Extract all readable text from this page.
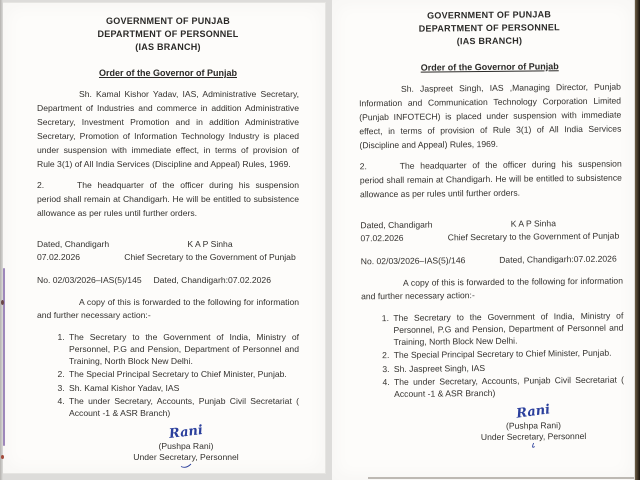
GOVERNMENT OF PUNJAB
DEPARTMENT OF PERSONNEL
(IAS BRANCH)
Order of the Governor of Punjab

Sh. Kamal Kishor Yadav, IAS, Administrative Secretary, Department of Industries and commerce in addition Administrative Secretary, Investment Promotion and in addition Administrative Secretary, Promotion of Information Technology Industry is placed under suspension with immediate effect, in terms of provision of Rule 3(1) of All India Services (Discipline and Appeal) Rules, 1969.

2.	The headquarter of the officer during his suspension period shall remain at Chandigarh. He will be entitled to subsistence allowance as per rules until further orders.

Dated, Chandigarh
07.02.2026
K A P Sinha
Chief Secretary to the Government of Punjab
No. 02/03/2026–IAS(5)/145 Dated, Chandigarh:07.02.2026

A copy of this is forwarded to the following for information and further necessary action:-

1. The Secretary to the Government of India, Ministry of Personnel, P.G and Pension, Department of Personnel and Training, North Block New Delhi.
2. The Special Principal Secretary to Chief Minister, Punjab.
3. Sh. Kamal Kishor Yadav, IAS
4. The under Secretary, Accounts, Punjab Civil Secretariat ( Account -1 & ASR Branch)
Rani
(Pushpa Rani)
Under Secretary, Personnel
GOVERNMENT OF PUNJAB
DEPARTMENT OF PERSONNEL
(IAS BRANCH)
Order of the Governor of Punjab

Sh. Jaspreet Singh, IAS ,Managing Director, Punjab Information and Communication Technology Corporation Limited (Punjab INFOTECH) is placed under suspension with immediate effect, in terms of provision of Rule 3(1) of All India Services (Discipline and Appeal) Rules, 1969.

2.	The headquarter of the officer during his suspension period shall remain at Chandigarh. He will be entitled to subsistence allowance as per rules until further orders.

Dated, Chandigarh
07.02.2026
K A P Sinha
Chief Secretary to the Government of Punjab
No. 02/03/2026–IAS(5)/146	Dated, Chandigarh:07.02.2026

A copy of this is forwarded to the following for information and further necessary action:-

1. The Secretary to the Government of India, Ministry of Personnel, P.G and Pension, Department of Personnel and Training, North Block New Delhi.
2. The Special Principal Secretary to Chief Minister, Punjab.
3. Sh. Jaspreet Singh, IAS
4. The under Secretary, Accounts, Punjab Civil Secretariat ( Account -1 & ASR Branch)
Rani
(Pushpa Rani)
Under Secretary, Personnel
